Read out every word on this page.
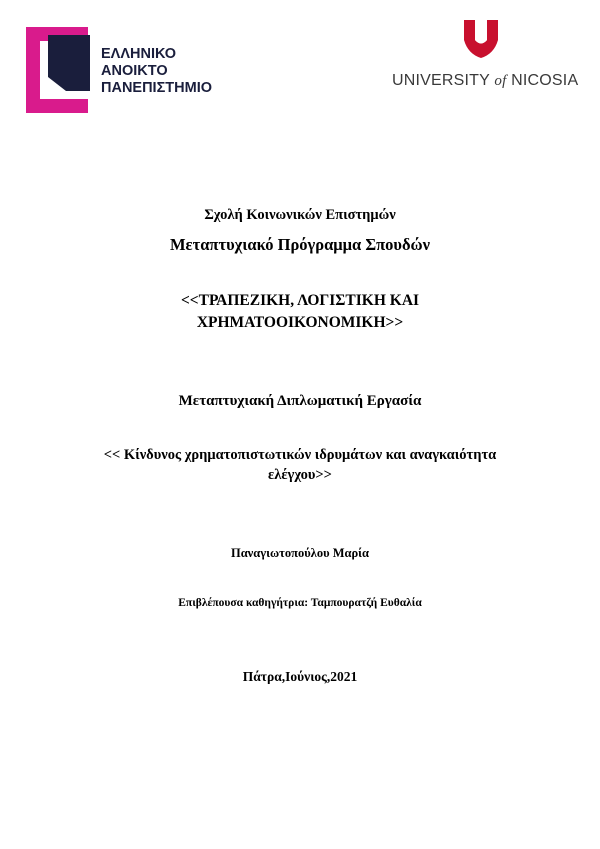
ΕΛΛΗΝΙΚΟ
ΑΝΟΙΚΤΟ
ΠΑΝΕΠΙΣΤΗΜΙΟ	UNIVERSITY of NICOSIA
Σχολή Κοινωνικών Επιστημών
Μεταπτυχιακό Πρόγραμμα Σπουδών
<<ΤΡΑΠΕΖΙΚΗ, ΛΟΓΙΣΤΙΚΗ ΚΑΙ ΧΡΗΜΑΤΟΟΙΚΟΝΟΜΙΚΗ>>
Μεταπτυχιακή Διπλωματική Εργασία
<< Κίνδυνος χρηματοπιστωτικών ιδρυμάτων και αναγκαιότητα ελέγχου>>
Παναγιωτοπούλου Μαρία
Επιβλέπουσα καθηγήτρια: Ταμπουρατζή Ευθαλία
Πάτρα,Ιούνιος,2021
